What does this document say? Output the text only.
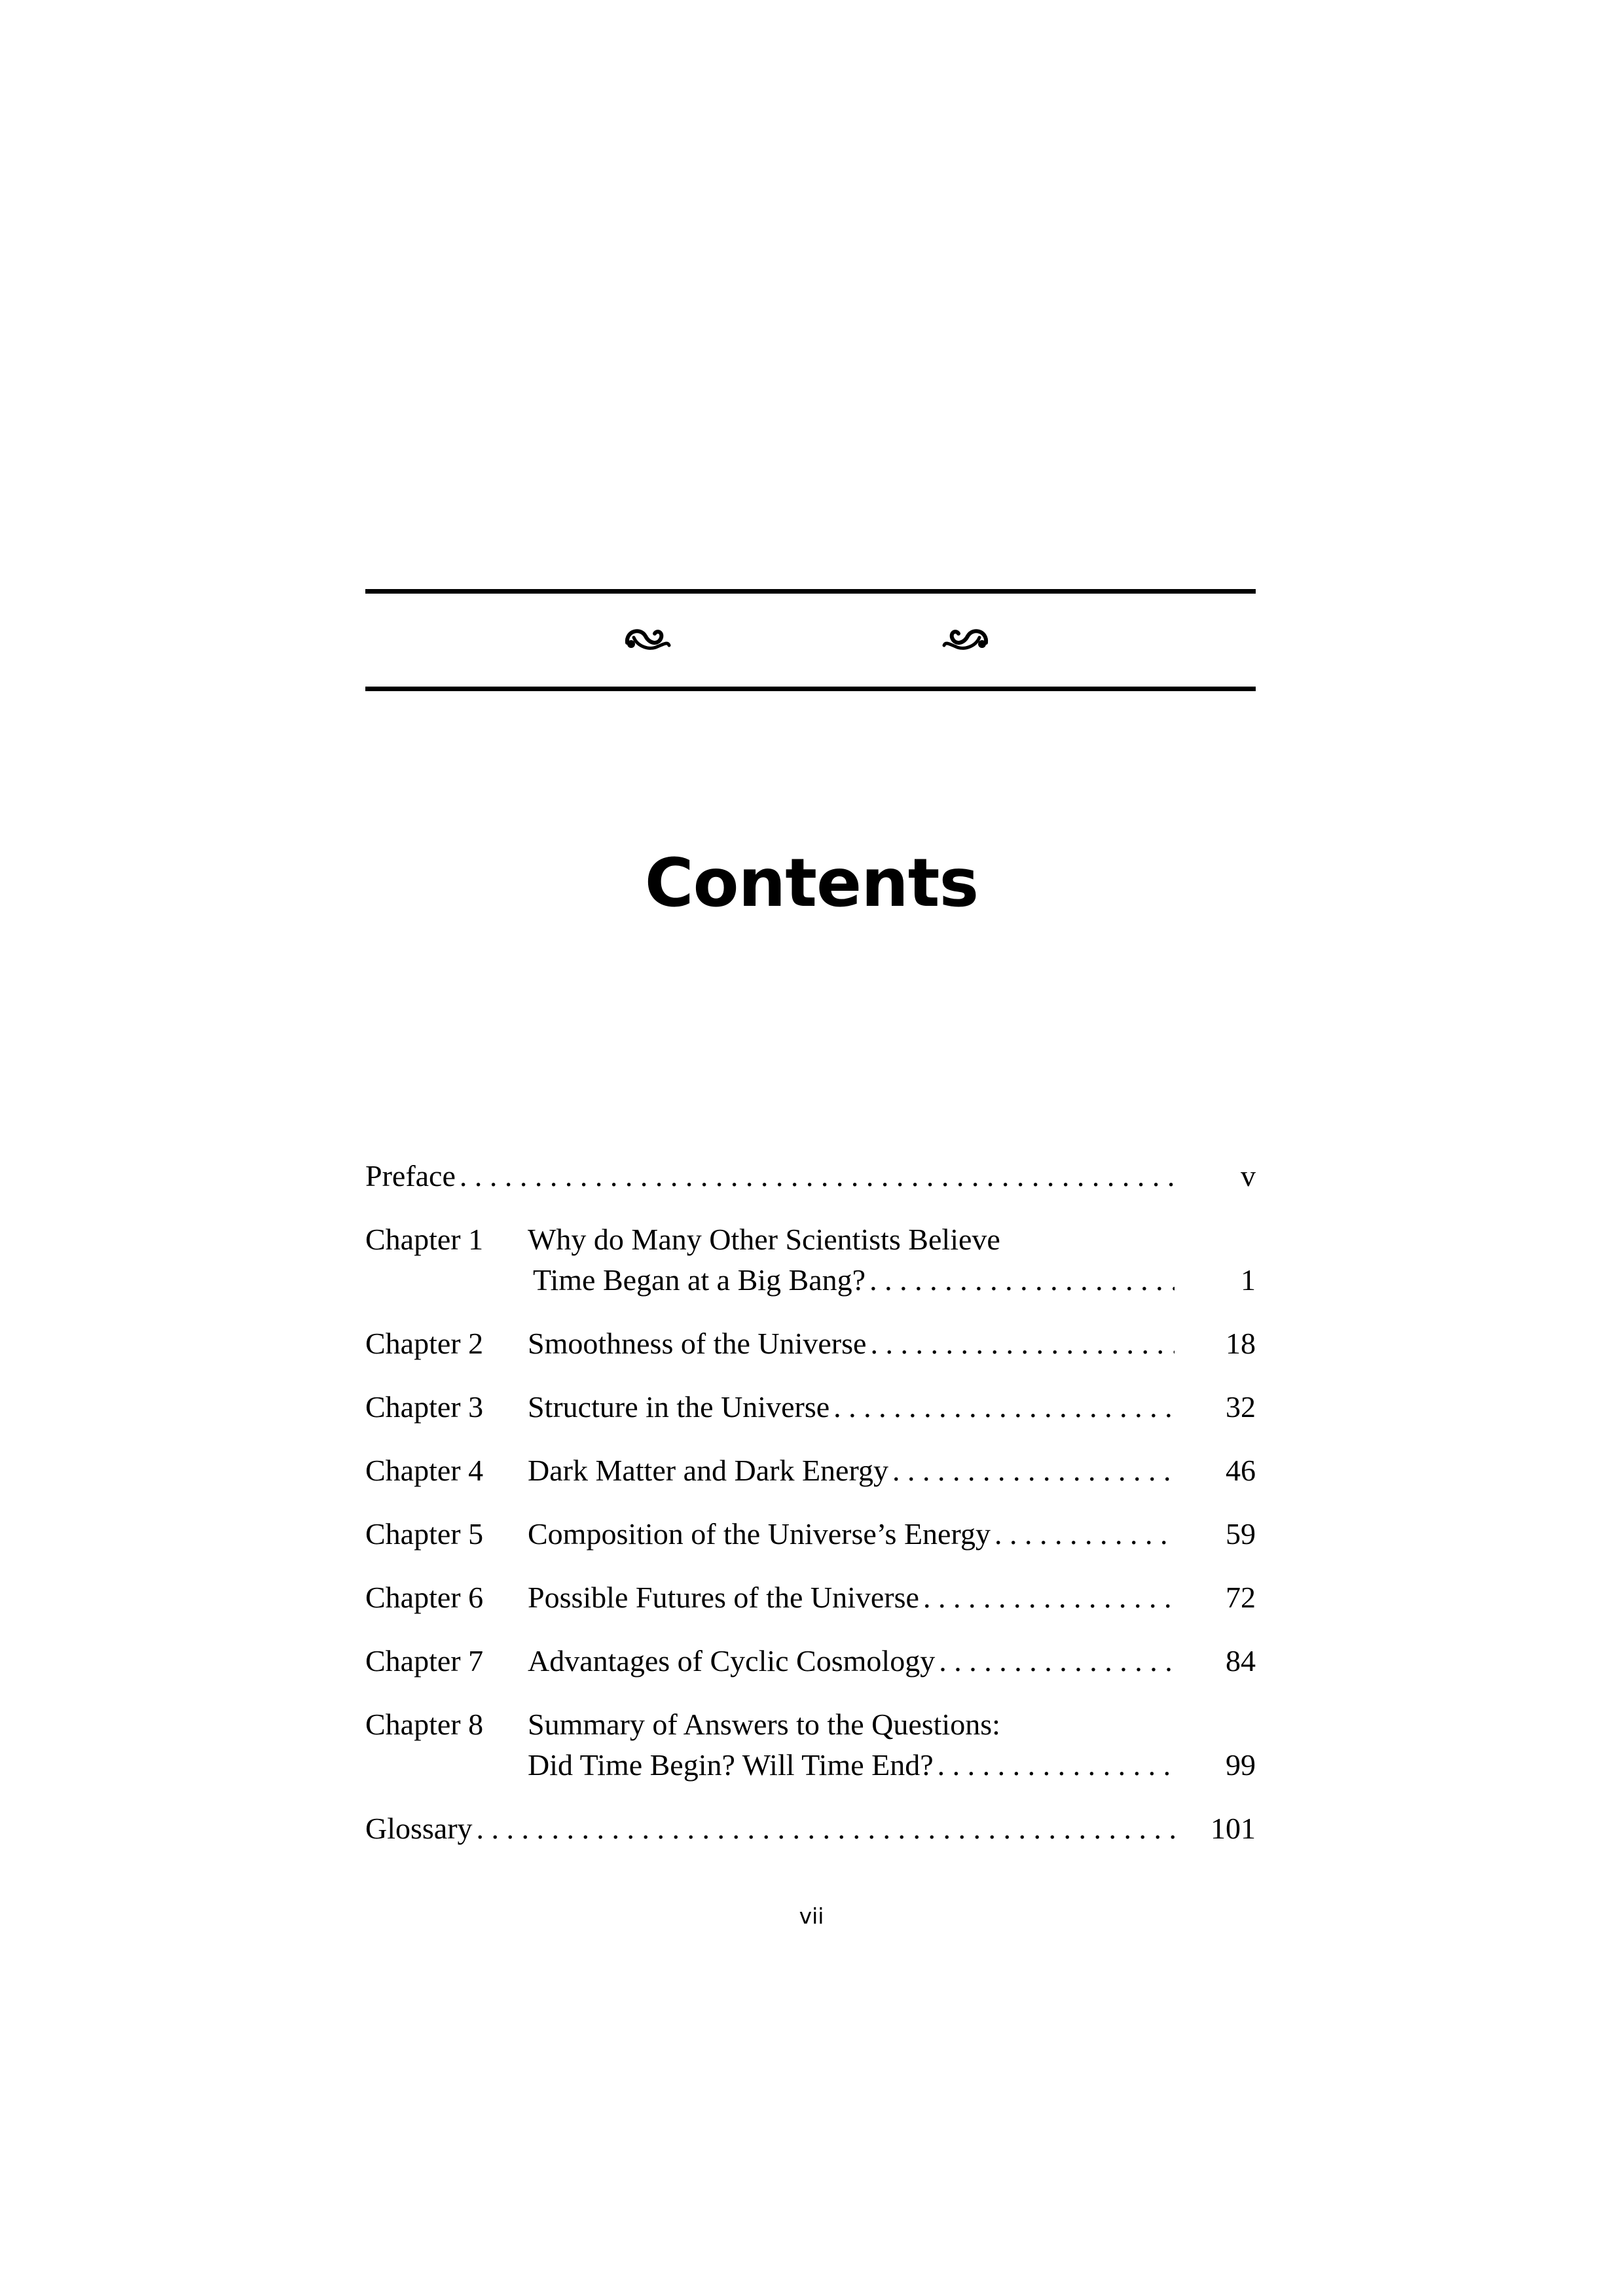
Contents
Preface . . .	v
Chapter 1	Why do Many Other Scientists Believe
Time Began at a Big Bang? . . .	1
Chapter 2	Smoothness of the Universe . . .	18
Chapter 3	Structure in the Universe . . .	32
Chapter 4	Dark Matter and Dark Energy . . .	46
Chapter 5	Composition of the Universe’s Energy . . .	59
Chapter 6	Possible Futures of the Universe . . .	72
Chapter 7	Advantages of Cyclic Cosmology . . .	84
Chapter 8	Summary of Answers to the Questions:
Did Time Begin? Will Time End? . . .	99
Glossary . . .	101
vii
